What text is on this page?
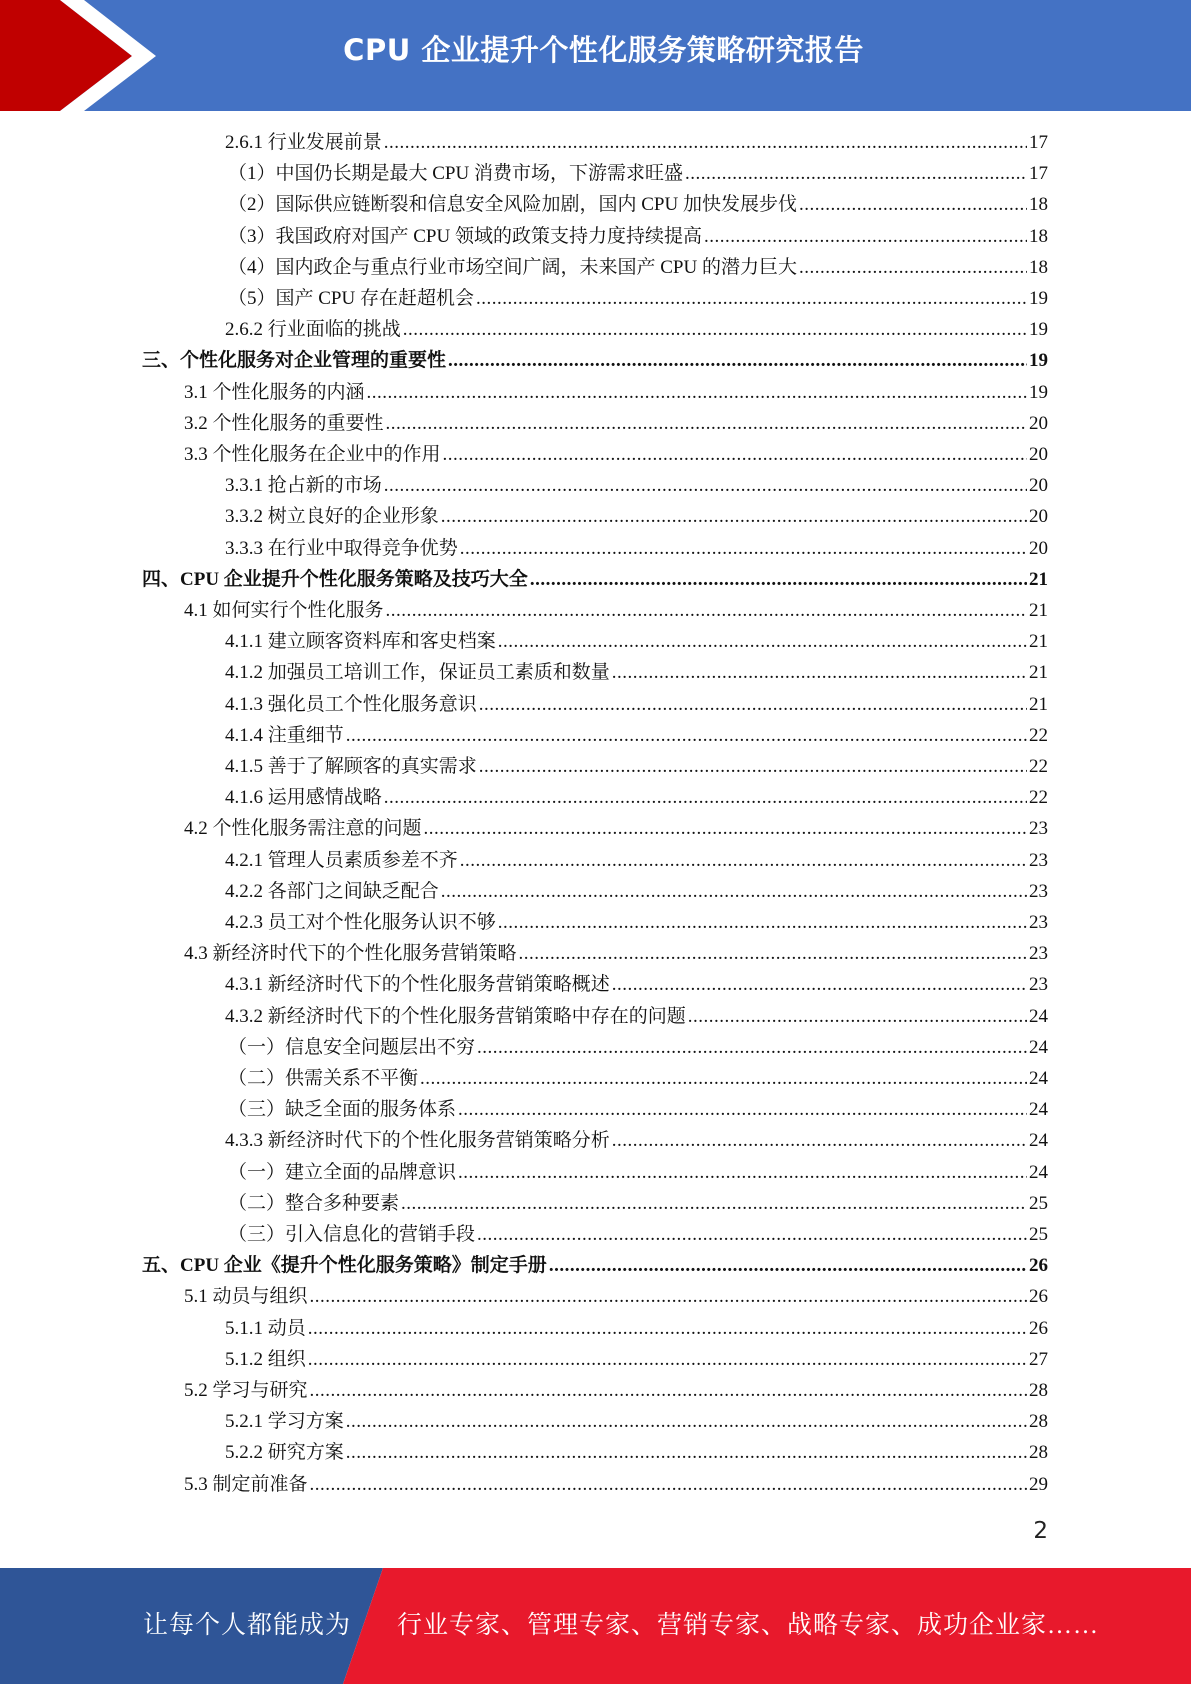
CPU 企业提升个性化服务策略研究报告
2.6.1 行业发展前景 .....	17
（1）中国仍长期是最大 CPU 消费市场，下游需求旺盛 .....	17
（2）国际供应链断裂和信息安全风险加剧，国内 CPU 加快发展步伐 .....	18
（3）我国政府对国产 CPU 领域的政策支持力度持续提高 .....	18
（4）国内政企与重点行业市场空间广阔，未来国产 CPU 的潜力巨大 .....	18
（5）国产 CPU 存在赶超机会 .....	19
2.6.2 行业面临的挑战 .....	19
三、个性化服务对企业管理的重要性 .....	19
3.1 个性化服务的内涵 .....	19
3.2 个性化服务的重要性 .....	20
3.3 个性化服务在企业中的作用 .....	20
3.3.1 抢占新的市场 .....	20
3.3.2 树立良好的企业形象 .....	20
3.3.3 在行业中取得竞争优势 .....	20
四、CPU 企业提升个性化服务策略及技巧大全 .....	21
4.1 如何实行个性化服务 .....	21
4.1.1 建立顾客资料库和客史档案 .....	21
4.1.2 加强员工培训工作，保证员工素质和数量 .....	21
4.1.3 强化员工个性化服务意识 .....	21
4.1.4 注重细节 .....	22
4.1.5 善于了解顾客的真实需求 .....	22
4.1.6 运用感情战略 .....	22
4.2 个性化服务需注意的问题 .....	23
4.2.1 管理人员素质参差不齐 .....	23
4.2.2 各部门之间缺乏配合 .....	23
4.2.3 员工对个性化服务认识不够 .....	23
4.3 新经济时代下的个性化服务营销策略 .....	23
4.3.1 新经济时代下的个性化服务营销策略概述 .....	23
4.3.2 新经济时代下的个性化服务营销策略中存在的问题 .....	24
（一）信息安全问题层出不穷 .....	24
（二）供需关系不平衡 .....	24
（三）缺乏全面的服务体系 .....	24
4.3.3 新经济时代下的个性化服务营销策略分析 .....	24
（一）建立全面的品牌意识 .....	24
（二）整合多种要素 .....	25
（三）引入信息化的营销手段 .....	25
五、CPU 企业《提升个性化服务策略》制定手册 .....	26
5.1 动员与组织 .....	26
5.1.1 动员 .....	26
5.1.2 组织 .....	27
5.2 学习与研究 .....	28
5.2.1 学习方案 .....	28
5.2.2 研究方案 .....	28
5.3 制定前准备 .....	29
2
让每个人都能成为 行业专家、管理专家、营销专家、战略专家、成功企业家……
